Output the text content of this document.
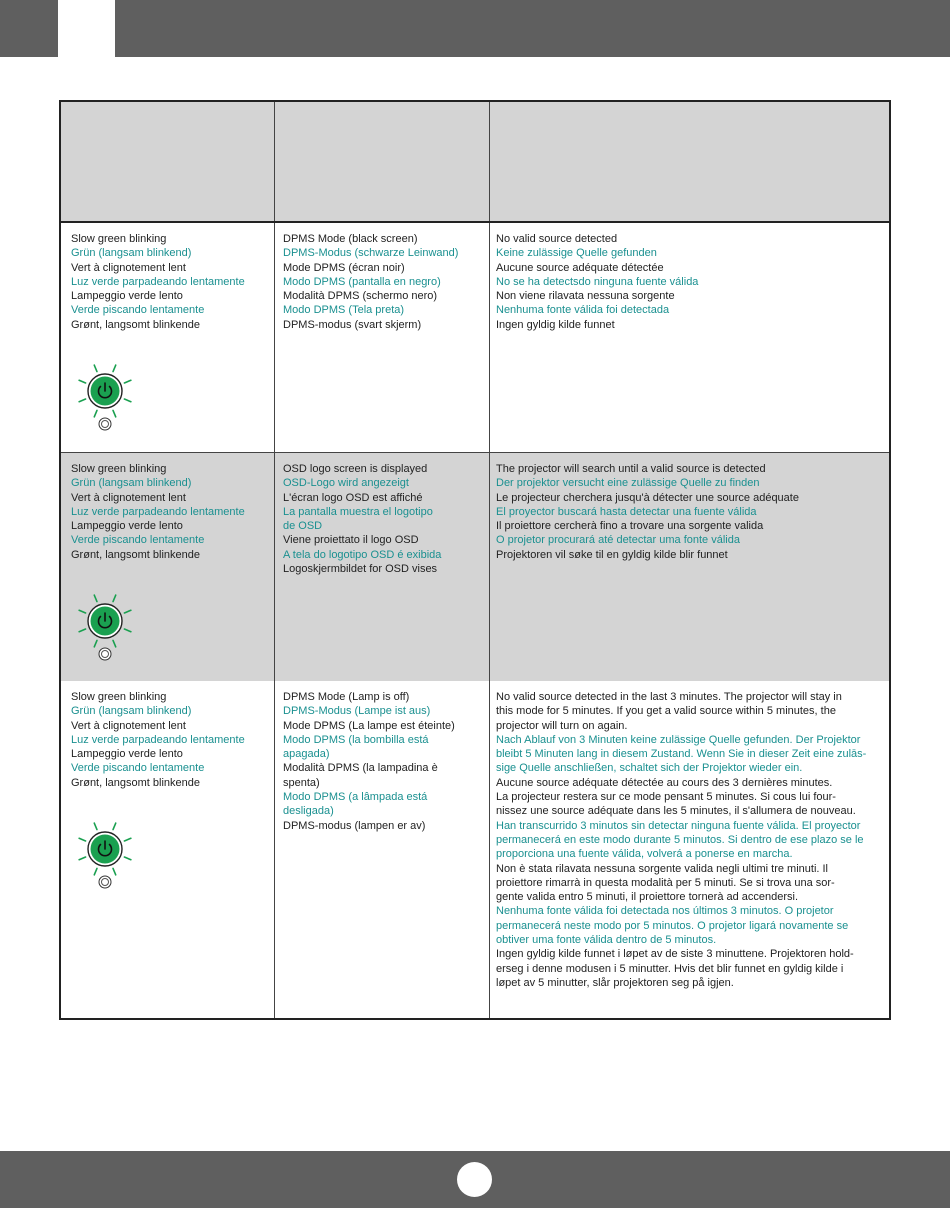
Slow green blinking
Grün (langsam blinkend)
Vert à clignotement lent
Luz verde parpadeando lentamente
Lampeggio verde lento
Verde piscando lentamente
Grønt, langsomt blinkende
DPMS Mode (black screen)
DPMS-Modus (schwarze Leinwand)
Mode DPMS (écran noir)
Modo DPMS (pantalla en negro)
Modalità DPMS (schermo nero)
Modo DPMS (Tela preta)
DPMS-modus (svart skjerm)
No valid source detected
Keine zulässige Quelle gefunden
Aucune source adéquate détectée
No se ha detectsdo ninguna fuente válida
Non viene rilavata nessuna sorgente
Nenhuma fonte válida foi detectada
Ingen gyldig kilde funnet
Slow green blinking
Grün (langsam blinkend)
Vert à clignotement lent
Luz verde parpadeando lentamente
Lampeggio verde lento
Verde piscando lentamente
Grønt, langsomt blinkende
OSD logo screen is displayed
OSD-Logo wird angezeigt
L'écran logo OSD est affiché
La pantalla muestra el logotipo
de OSD
Viene proiettato il logo OSD
A tela do logotipo OSD é exibida
Logoskjermbildet for OSD vises
The projector will search until a valid source is detected
Der projektor versucht eine zulässige Quelle zu finden
Le projecteur cherchera jusqu'à détecter une source adéquate
El proyector buscará hasta detectar una fuente válida
Il proiettore cercherà fino a trovare una sorgente valida
O projetor procurará até detectar uma fonte válida
Projektoren vil søke til en gyldig kilde blir funnet
Slow green blinking
Grün (langsam blinkend)
Vert à clignotement lent
Luz verde parpadeando lentamente
Lampeggio verde lento
Verde piscando lentamente
Grønt, langsomt blinkende
DPMS Mode (Lamp is off)
DPMS-Modus (Lampe ist aus)
Mode DPMS (La lampe est éteinte)
Modo DPMS (la bombilla está
apagada)
Modalità DPMS (la lampadina è
spenta)
Modo DPMS (a lâmpada está
desligada)
DPMS-modus (lampen er av)
No valid source detected in the last 3 minutes. The projector will stay in
this mode for 5 minutes. If you get a valid source within 5 minutes, the
projector will turn on again.
Nach Ablauf von 3 Minuten keine zulässige Quelle gefunden. Der Projektor
bleibt 5 Minuten lang in diesem Zustand. Wenn Sie in dieser Zeit eine zulās-
sige Quelle anschließen, schaltet sich der Projektor wieder ein.
Aucune source adéquate détectée au cours des 3 dernières minutes.
La projecteur restera sur ce mode pensant 5 minutes. Si cous lui four-
nissez une source adéquate dans les 5 minutes, il s'allumera de nouveau.
Han transcurrido 3 minutos sin detectar ninguna fuente válida. El proyector
permanecerá en este modo durante 5 minutos. Si dentro de ese plazo se le
proporciona una fuente válida, volverá a ponerse en marcha.
Non è stata rilavata nessuna sorgente valida negli ultimi tre minuti. Il
proiettore rimarrà in questa modalità per 5 minuti. Se si trova una sor-
gente valida entro 5 minuti, il proiettore tornerà ad accendersi.
Nenhuma fonte válida foi detectada nos últimos 3 minutos. O projetor
permanecerá neste modo por 5 minutos. O projetor ligará novamente se
obtiver uma fonte válida dentro de 5 minutos.
Ingen gyldig kilde funnet i løpet av de siste 3 minuttene. Projektoren hold-
erseg i denne modusen i 5 minutter. Hvis det blir funnet en gyldig kilde i
løpet av 5 minutter, slår projektoren seg på igjen.
